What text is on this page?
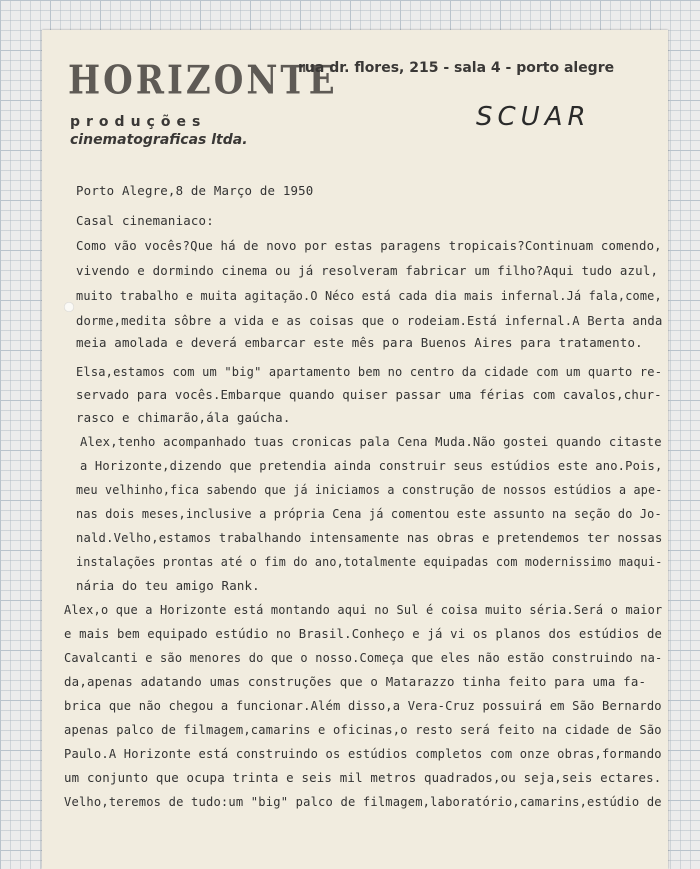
HORIZONTE
produções
cinematograficas ltda.
rua dr. flores, 215 - sala 4 - porto alegre
SCUAR
Porto Alegre,8 de Março de 1950
Casal cinemaniaco:
Como vão vocês?Que há de novo por estas paragens tropicais?Continuam comendo,
vivendo e dormindo cinema ou já resolveram fabricar um filho?Aqui tudo azul,
muito trabalho e muita agitação.O Néco está cada dia mais infernal.Já fala,come,
dorme,medita sôbre a vida e as coisas que o rodeiam.Está infernal.A Berta anda
meia amolada e deverá embarcar este mês para Buenos Aires para tratamento.
Elsa,estamos com um "big" apartamento bem no centro da cidade com um quarto re-
servado para vocês.Embarque quando quiser passar uma férias com cavalos,chur-
rasco e chimarão,ála gaúcha.
Alex,tenho acompanhado tuas cronicas pala Cena Muda.Não gostei quando citaste
a Horizonte,dizendo que pretendia ainda construir seus estúdios este ano.Pois,
meu velhinho,fica sabendo que já iniciamos a construção de nossos estúdios a ape-
nas dois meses,inclusive a própria Cena já comentou este assunto na seção do Jo-
nald.Velho,estamos trabalhando intensamente nas obras e pretendemos ter nossas
instalações prontas até o fim do ano,totalmente equipadas com modernissimo maqui-
nária do teu amigo Rank.
Alex,o que a Horizonte está montando aqui no Sul é coisa muito séria.Será o maior
e mais bem equipado estúdio no Brasil.Conheço e já vi os planos dos estúdios de
Cavalcanti e são menores do que o nosso.Começa que eles não estão construindo na-
da,apenas adatando umas construções que o Matarazzo tinha feito para uma fa-
brica que não chegou a funcionar.Além disso,a Vera-Cruz possuirá em São Bernardo
apenas palco de filmagem,camarins e oficinas,o resto será feito na cidade de São
Paulo.A Horizonte está construindo os estúdios completos com onze obras,formando
um conjunto que ocupa trinta e seis mil metros quadrados,ou seja,seis ectares.
Velho,teremos de tudo:um "big" palco de filmagem,laboratório,camarins,estúdio de
